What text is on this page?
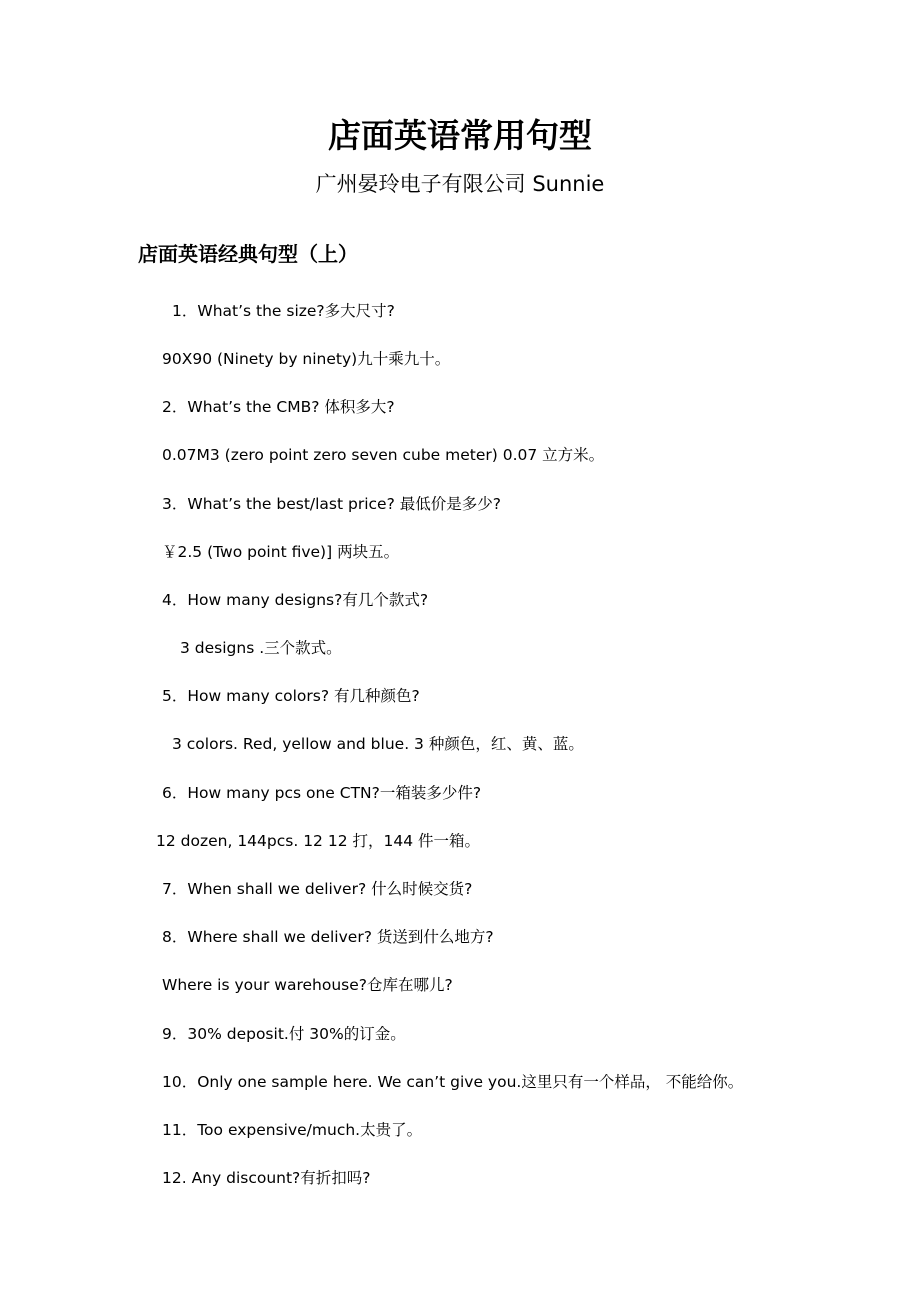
店面英语常用句型

广州晏玲电子有限公司 Sunnie

店面英语经典句型（上）

1．What’s the size?多大尺寸?

90X90 (Ninety by ninety)九十乘九十。

2．What’s the CMB? 体积多大?

0.07M3 (zero point zero seven cube meter) 0.07 立方米。

3．What’s the best/last price? 最低价是多少?

￥2.5 (Two point five)] 两块五。

4．How many designs?有几个款式?

3 designs .三个款式。

5．How many colors? 有几种颜色?

3 colors. Red, yellow and blue. 3 种颜色，红、黄、蓝。

6．How many pcs one CTN?一箱装多少件?

12 dozen, 144pcs. 12 12 打，144 件一箱。

7．When shall we deliver? 什么时候交货?

8．Where shall we deliver? 货送到什么地方?

Where is your warehouse?仓库在哪儿?

9．30% deposit.付 30%的订金。

10．Only one sample here. We can’t give you.这里只有一个样品， 不能给你。

11．Too expensive/much.太贵了。

12. Any discount?有折扣吗?
